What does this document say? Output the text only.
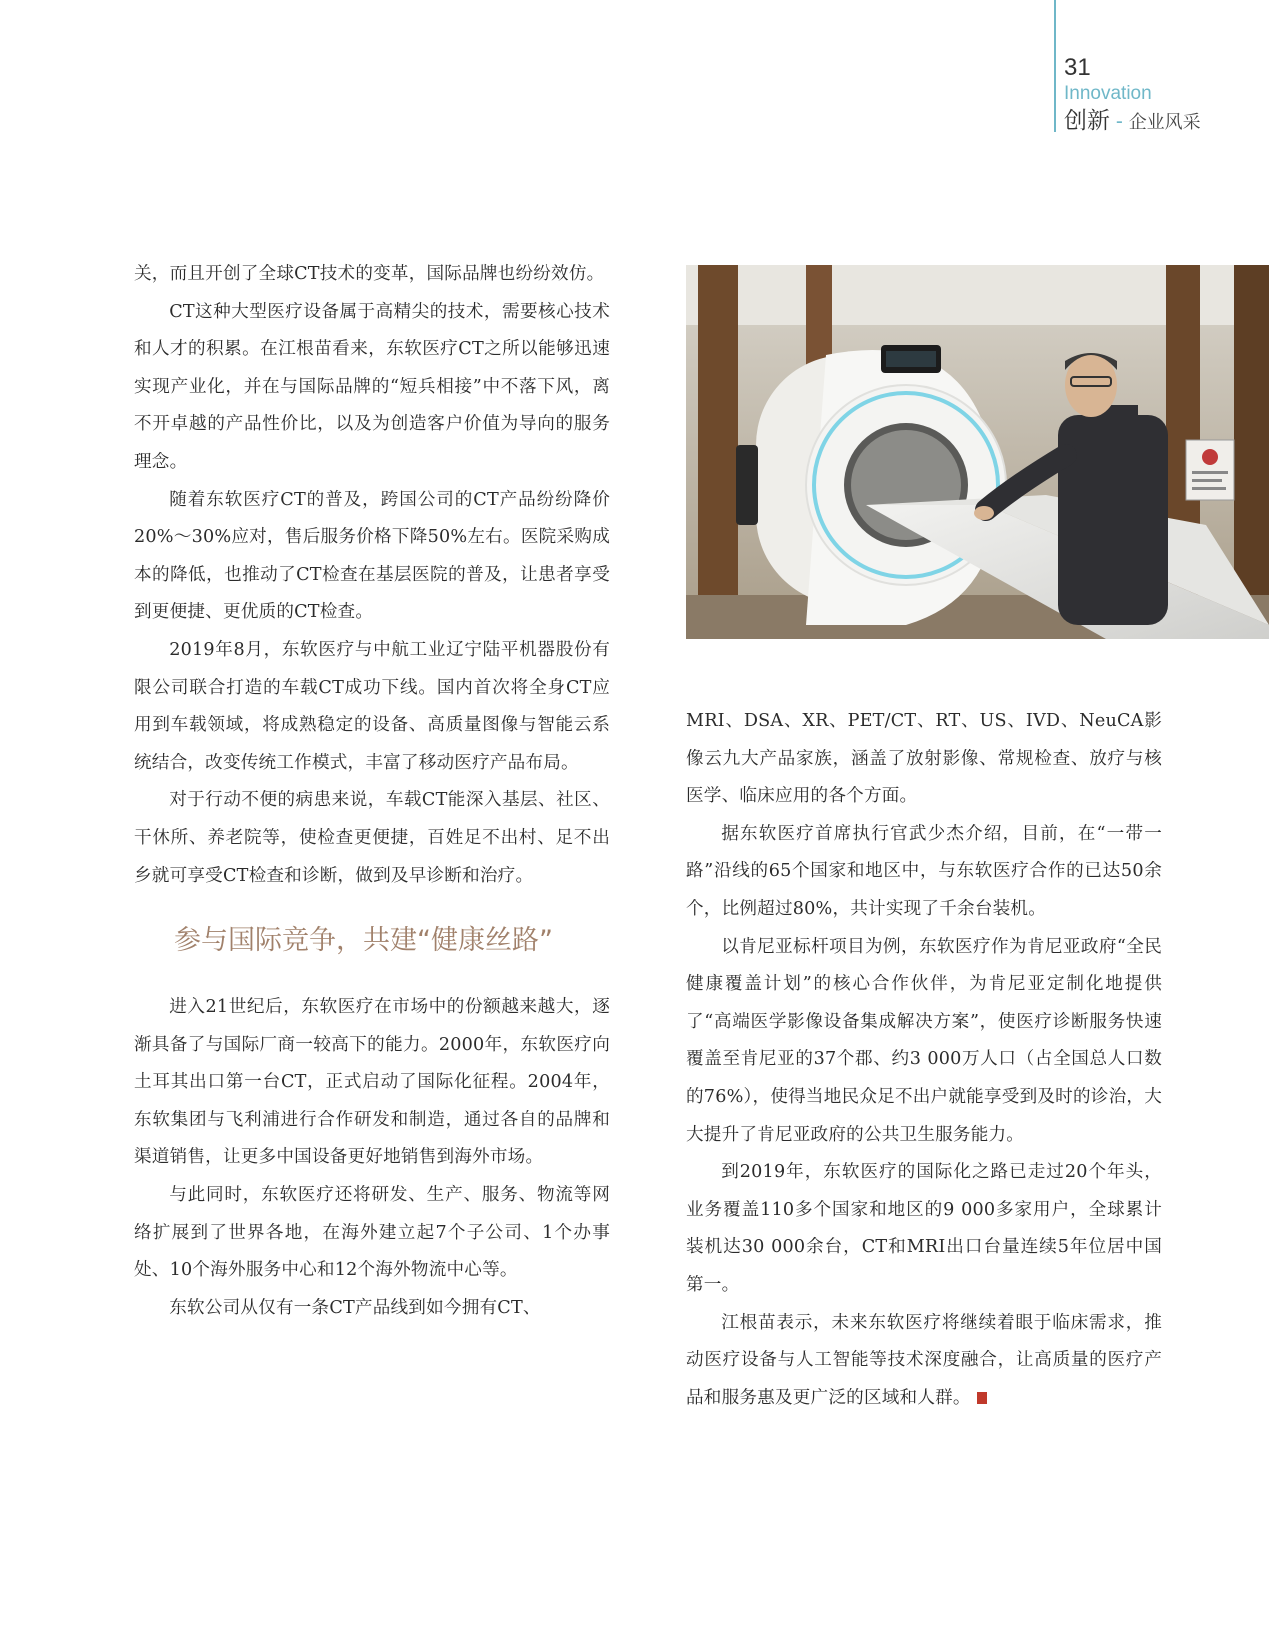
31
Innovation
创新 - 企业风采

关，而且开创了全球CT技术的变革，国际品牌也纷纷效仿。

CT这种大型医疗设备属于高精尖的技术，需要核心技术和人才的积累。在江根苗看来，东软医疗CT之所以能够迅速实现产业化，并在与国际品牌的“短兵相接”中不落下风，离不开卓越的产品性价比，以及为创造客户价值为导向的服务理念。

随着东软医疗CT的普及，跨国公司的CT产品纷纷降价20%～30%应对，售后服务价格下降50%左右。医院采购成本的降低，也推动了CT检查在基层医院的普及，让患者享受到更便捷、更优质的CT检查。

2019年8月，东软医疗与中航工业辽宁陆平机器股份有限公司联合打造的车载CT成功下线。国内首次将全身CT应用到车载领域，将成熟稳定的设备、高质量图像与智能云系统结合，改变传统工作模式，丰富了移动医疗产品布局。

对于行动不便的病患来说，车载CT能深入基层、社区、干休所、养老院等，使检查更便捷，百姓足不出村、足不出乡就可享受CT检查和诊断，做到及早诊断和治疗。

参与国际竞争，共建“健康丝路”

进入21世纪后，东软医疗在市场中的份额越来越大，逐渐具备了与国际厂商一较高下的能力。2000年，东软医疗向土耳其出口第一台CT，正式启动了国际化征程。2004年，东软集团与飞利浦进行合作研发和制造，通过各自的品牌和渠道销售，让更多中国设备更好地销售到海外市场。

与此同时，东软医疗还将研发、生产、服务、物流等网络扩展到了世界各地，在海外建立起7个子公司、1个办事处、10个海外服务中心和12个海外物流中心等。

东软公司从仅有一条CT产品线到如今拥有CT、

MRI、DSA、XR、PET/CT、RT、US、IVD、NeuCA影像云九大产品家族，涵盖了放射影像、常规检查、放疗与核医学、临床应用的各个方面。

据东软医疗首席执行官武少杰介绍，目前，在“一带一路”沿线的65个国家和地区中，与东软医疗合作的已达50余个，比例超过80%，共计实现了千余台装机。

以肯尼亚标杆项目为例，东软医疗作为肯尼亚政府“全民健康覆盖计划”的核心合作伙伴，为肯尼亚定制化地提供了“高端医学影像设备集成解决方案”，使医疗诊断服务快速覆盖至肯尼亚的37个郡、约3 000万人口（占全国总人口数的76%），使得当地民众足不出户就能享受到及时的诊治，大大提升了肯尼亚政府的公共卫生服务能力。

到2019年，东软医疗的国际化之路已走过20个年头，业务覆盖110多个国家和地区的9 000多家用户，全球累计装机达30 000余台，CT和MRI出口台量连续5年位居中国第一。

江根苗表示，未来东软医疗将继续着眼于临床需求，推动医疗设备与人工智能等技术深度融合，让高质量的医疗产品和服务惠及更广泛的区域和人群。
